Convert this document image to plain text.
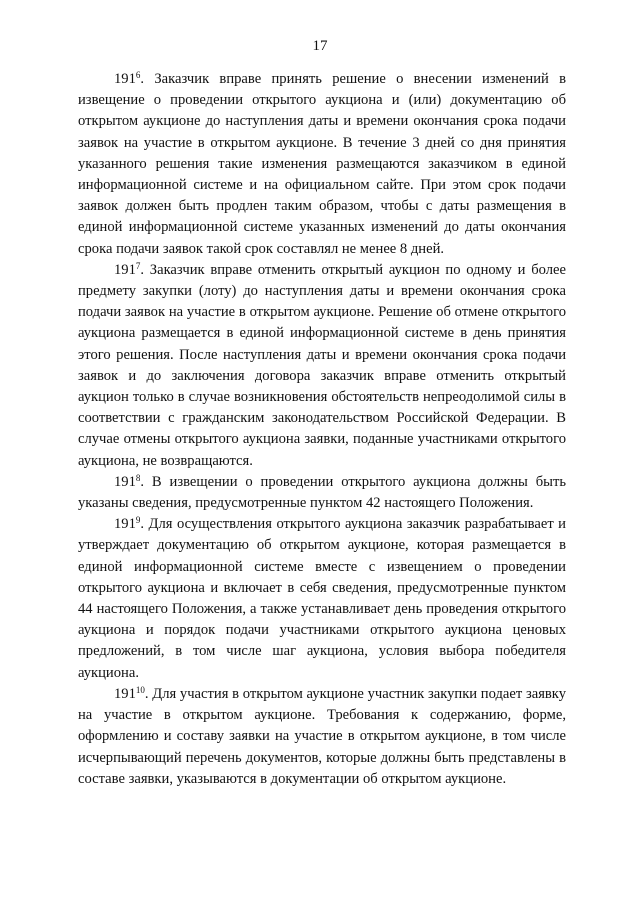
17

$191^6$. Заказчик вправе принять решение о внесении изменений в извещение о проведении открытого аукциона и (или) документацию об открытом аукционе до наступления даты и времени окончания срока подачи заявок на участие в открытом аукционе. В течение 3 дней со дня принятия указанного решения такие изменения размещаются заказчиком в единой информационной системе и на официальном сайте. При этом срок подачи заявок должен быть продлен таким образом, чтобы с даты размещения в единой информационной системе указанных изменений до даты окончания срока подачи заявок такой срок составлял не менее 8 дней.

$191^7$. Заказчик вправе отменить открытый аукцион по одному и более предмету закупки (лоту) до наступления даты и времени окончания срока подачи заявок на участие в открытом аукционе. Решение об отмене открытого аукциона размещается в единой информационной системе в день принятия этого решения. После наступления даты и времени окончания срока подачи заявок и до заключения договора заказчик вправе отменить открытый аукцион только в случае возникновения обстоятельств непреодолимой силы в соответствии с гражданским законодательством Российской Федерации. В случае отмены открытого аукциона заявки, поданные участниками открытого аукциона, не возвращаются.

$191^8$. В извещении о проведении открытого аукциона должны быть указаны сведения, предусмотренные пунктом 42 настоящего Положения.

$191^9$. Для осуществления открытого аукциона заказчик разрабатывает и утверждает документацию об открытом аукционе, которая размещается в единой информационной системе вместе с извещением о проведении открытого аукциона и включает в себя сведения, предусмотренные пунктом 44 настоящего Положения, а также устанавливает день проведения открытого аукциона и порядок подачи участниками открытого аукциона ценовых предложений, в том числе шаг аукциона, условия выбора победителя аукциона.

$191^{10}$. Для участия в открытом аукционе участник закупки подает заявку на участие в открытом аукционе. Требования к содержанию, форме, оформлению и составу заявки на участие в открытом аукционе, в том числе исчерпывающий перечень документов, которые должны быть представлены в составе заявки, указываются в документации об открытом аукционе.
